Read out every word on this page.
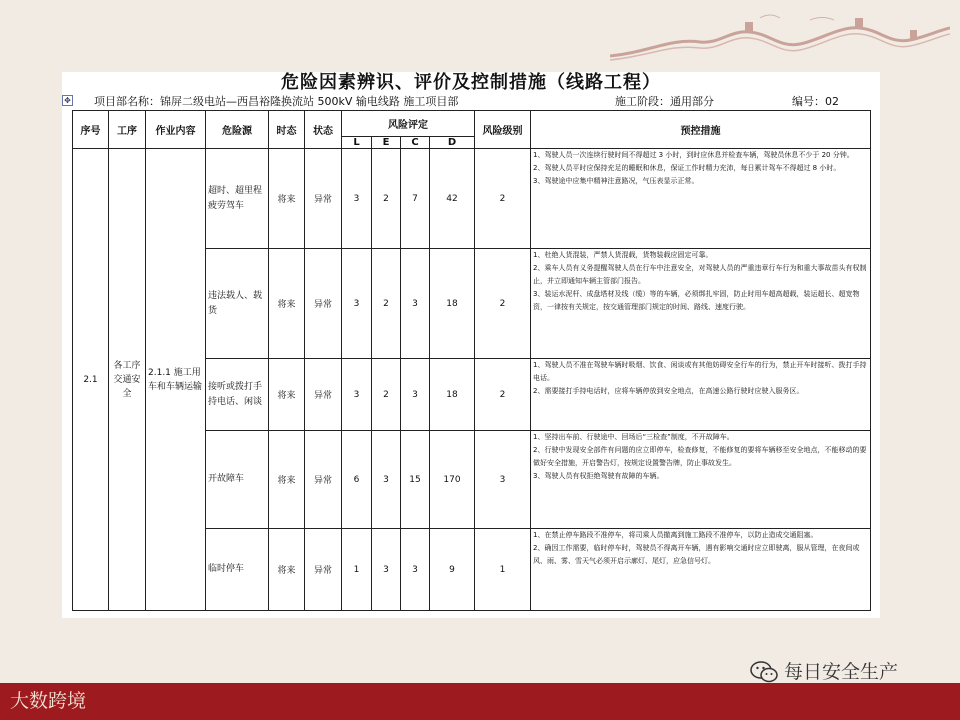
危险因素辨识、评价及控制措施（线路工程）
✥ 项目部名称：锦屏二级电站—西昌裕隆换流站 500kV 输电线路 施工项目部	施工阶段：通用部分	编号：02
序号	工序	作业内容	危险源	时态	状态	风险评定				风险级别	预控措施
						L	E	C	D		
2.1	各工序交通安全	2.1.1 施工用车和车辆运输	超时、超里程疲劳驾车	将来	异常	3	2	7	42	2	1、驾驶人员一次连续行驶时间不得超过 3 小时，到时应休息并检查车辆，驾驶员休息不少于 20 分钟。
2、驾驶人员平时应保持充足的睡眠和休息，保证工作时精力充沛，每日累计驾车不得超过 8 小时。
3、驾驶途中应集中精神注意路况，气压表显示正常。

			违法载人、载货	将来	异常	3	2	3	18	2	1、杜绝人货混装，严禁人货混载，货物装载应固定可靠。
2、乘车人员有义务提醒驾驶人员在行车中注意安全，对驾驶人员的严重违章行车行为和重大事故苗头有权制止，并立即通知车辆主管部门报告。
3、装运水泥杆、成盘塔材及线（缆）等的车辆，必须绑扎牢固，防止时用车超高超载，装运超长、超宽物资，一律按有关规定，按交通管理部门规定的时间、路线、速度行驶。

			接听或拨打手持电话、闲谈	将来	异常	3	2	3	18	2	1、驾驶人员不准在驾驶车辆时吸烟、饮食、闲谈或有其他妨碍安全行车的行为，禁止开车时接听、拨打手持电话。
2、需要接打手持电话时，应将车辆停放到安全地点，在高速公路行驶时应驶入服务区。

			开故障车	将来	异常	6	3	15	170	3	1、坚持出车前、行驶途中、回场后“三检查”制度，不开故障车。
2、行驶中发现安全部件有问题的应立即停车，检查修复，不能修复的要将车辆移至安全地点，不能移动的要做好安全措施，开启警告灯，按规定设置警告牌，防止事故发生。
3、驾驶人员有权拒绝驾驶有故障的车辆。

			临时停车	将来	异常	1	3	3	9	1	1、在禁止停车路段不准停车，将司乘人员撤离到施工路段不准停车，以防止造成交通阻塞。
2、确因工作需要，临时停车时，驾驶员不得离开车辆，遇有影响交通时应立即驶离，服从管理，在夜间或风、雨、雾、雪天气必须开启示廓灯、尾灯，应急信号灯。
每日安全生产
大数跨境
